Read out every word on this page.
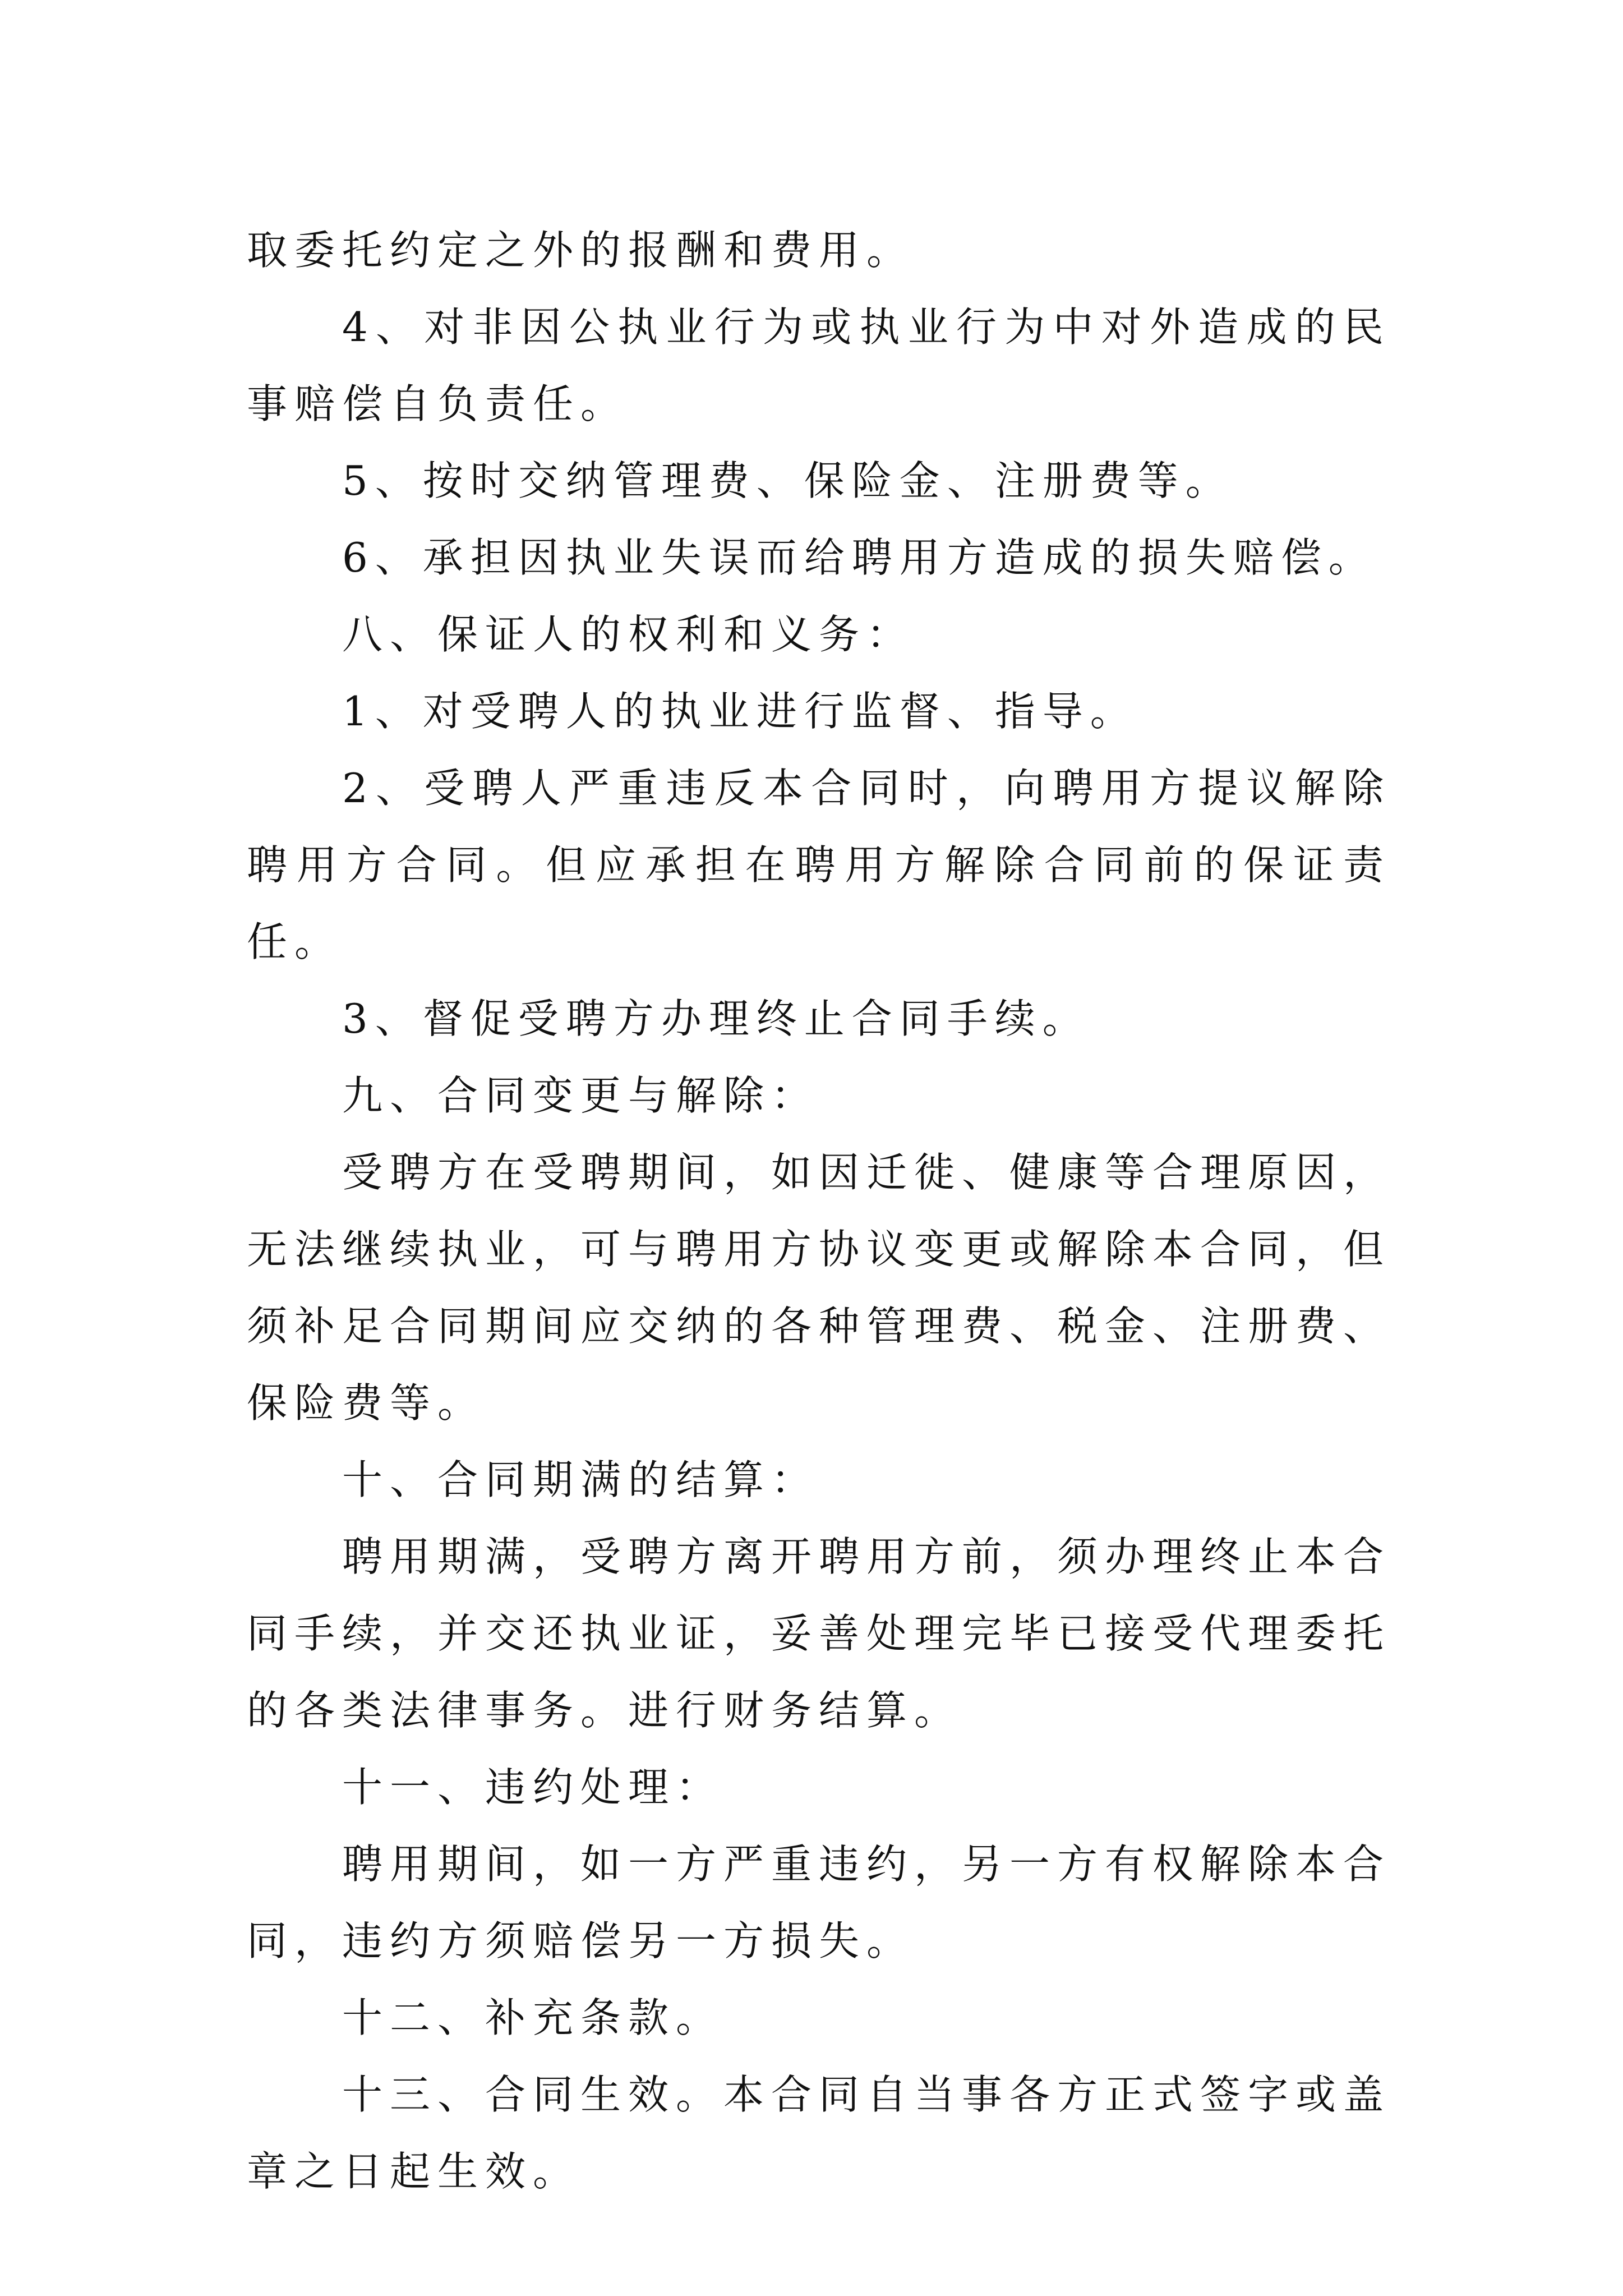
取委托约定之外的报酬和费用。

4、对非因公执业行为或执业行为中对外造成的民事赔偿自负责任。

5、按时交纳管理费、保险金、注册费等。

6、承担因执业失误而给聘用方造成的损失赔偿。

八、保证人的权利和义务：

1、对受聘人的执业进行监督、指导。

2、受聘人严重违反本合同时，向聘用方提议解除聘用方合同。但应承担在聘用方解除合同前的保证责任。

3、督促受聘方办理终止合同手续。

九、合同变更与解除：

受聘方在受聘期间，如因迁徙、健康等合理原因，无法继续执业，可与聘用方协议变更或解除本合同，但须补足合同期间应交纳的各种管理费、税金、注册费、保险费等。

十、合同期满的结算：

聘用期满，受聘方离开聘用方前，须办理终止本合同手续，并交还执业证，妥善处理完毕已接受代理委托的各类法律事务。进行财务结算。

十一、违约处理：

聘用期间，如一方严重违约，另一方有权解除本合同，违约方须赔偿另一方损失。

十二、补充条款。

十三、合同生效。本合同自当事各方正式签字或盖章之日起生效。
